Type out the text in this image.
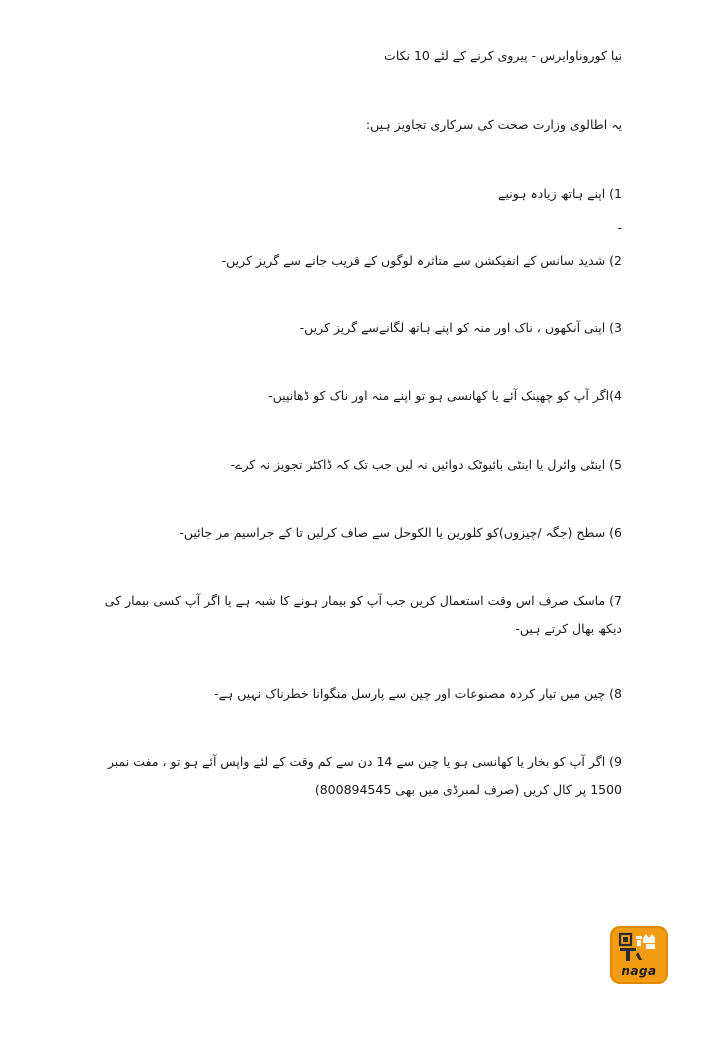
نیا کوروناوایرس - پیروی کرنے کے لئے 10 نکات
یہ اطالوی وزارت صحت کی سرکاری تجاویز ہیں:
1) اپنے ہاتھ زیادہ ہونیے
-
2) شدید سانس کے انفیکشن سے متاثرہ لوگوں کے قریب جانے سے گریز کریں-
3) اپنی آنکھوں ، ناک اور منہ کو اپنے ہاتھ لگانےسے گریز کریں-
4)اگر آپ کو چھینک آئے یا کھانسی ہو تو اپنے منہ اور ناک کو ڈھانپیں-
5) اینٹی وائرل یا اینٹی بائیوٹک دوائیں نہ لیں جب تک کہ ڈاکٹر تجویز نہ کرے-
6) سطح (جگہ /چیزوں)کو کلورین یا الکوحل سے صاف کرلیں تا کے جراسیم مر جائیں-
7) ماسک صرف اس وقت استعمال کریں جب آپ کو بیمار ہونے کا شبہ ہے یا اگر آپ کسی بیمار کی دیکھ بھال کرتے ہیں-
8) چین میں تیار کردہ مصنوعات اور چین سے پارسل منگوانا خطرناک نہیں ہے-
9) اگر آپ کو بخار یا کھانسی ہو یا چین سے 14 دن سے کم وقت کے لئے واپس آئے ہو تو ، مفت نمبر 1500 پر کال کریں (صرف لمبرڈی میں بھی 800894545)
naga
